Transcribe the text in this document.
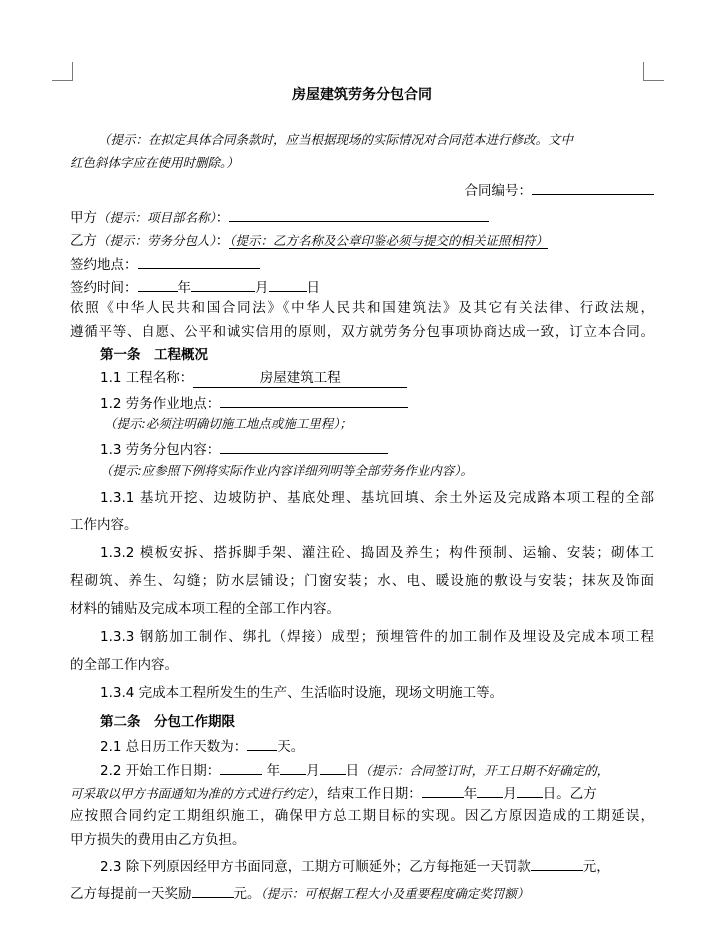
房屋建筑劳务分包合同
（提示：在拟定具体合同条款时，应当根据现场的实际情况对合同范本进行修改。文中
红色斜体字应在使用时删除。）
合同编号：
甲方（提示：项目部名称）：
乙方（提示：劳务分包人）：（提示：乙方名称及公章印鉴必须与提交的相关证照相符）
签约地点：
签约时间：	年	月	日
依照《中华人民共和国合同法》《中华人民共和国建筑法》及其它有关法律、行政法规，
遵循平等、自愿、公平和诚实信用的原则，双方就劳务分包事项协商达成一致，订立本合同。
第一条　工程概况
1.1 工程名称：	房屋建筑工程
1.2 劳务作业地点：
（提示:必须注明确切施工地点或施工里程）；
1.3 劳务分包内容：
（提示:应参照下例将实际作业内容详细列明等全部劳务作业内容）。
1.3.1 基坑开挖、边坡防护、基底处理、基坑回填、余土外运及完成路本项工程的全部
工作内容。
1.3.2 模板安拆、搭拆脚手架、灌注砼、捣固及养生；构件预制、运输、安装；砌体工
程砌筑、养生、勾缝；防水层铺设；门窗安装；水、电、暖设施的敷设与安装；抹灰及饰面
材料的铺贴及完成本项工程的全部工作内容。
1.3.3 钢筋加工制作、绑扎（焊接）成型；预埋管件的加工制作及埋设及完成本项工程
的全部工作内容。
1.3.4 完成本工程所发生的生产、生活临时设施，现场文明施工等。
第二条　分包工作期限
2.1 总日历工作天数为： 天。
2.2 开始工作日期：	年 月 日（提示：合同签订时，开工日期不好确定的，
可采取以甲方书面通知为准的方式进行约定），结束工作日期：	年 月 日。乙方
应按照合同约定工期组织施工，确保甲方总工期目标的实现。因乙方原因造成的工期延误，
甲方损失的费用由乙方负担。
2.3 除下列原因经甲方书面同意，工期方可顺延外；乙方每拖延一天罚款	元，
乙方每提前一天奖励	元。（提示：可根据工程大小及重要程度确定奖罚额）
